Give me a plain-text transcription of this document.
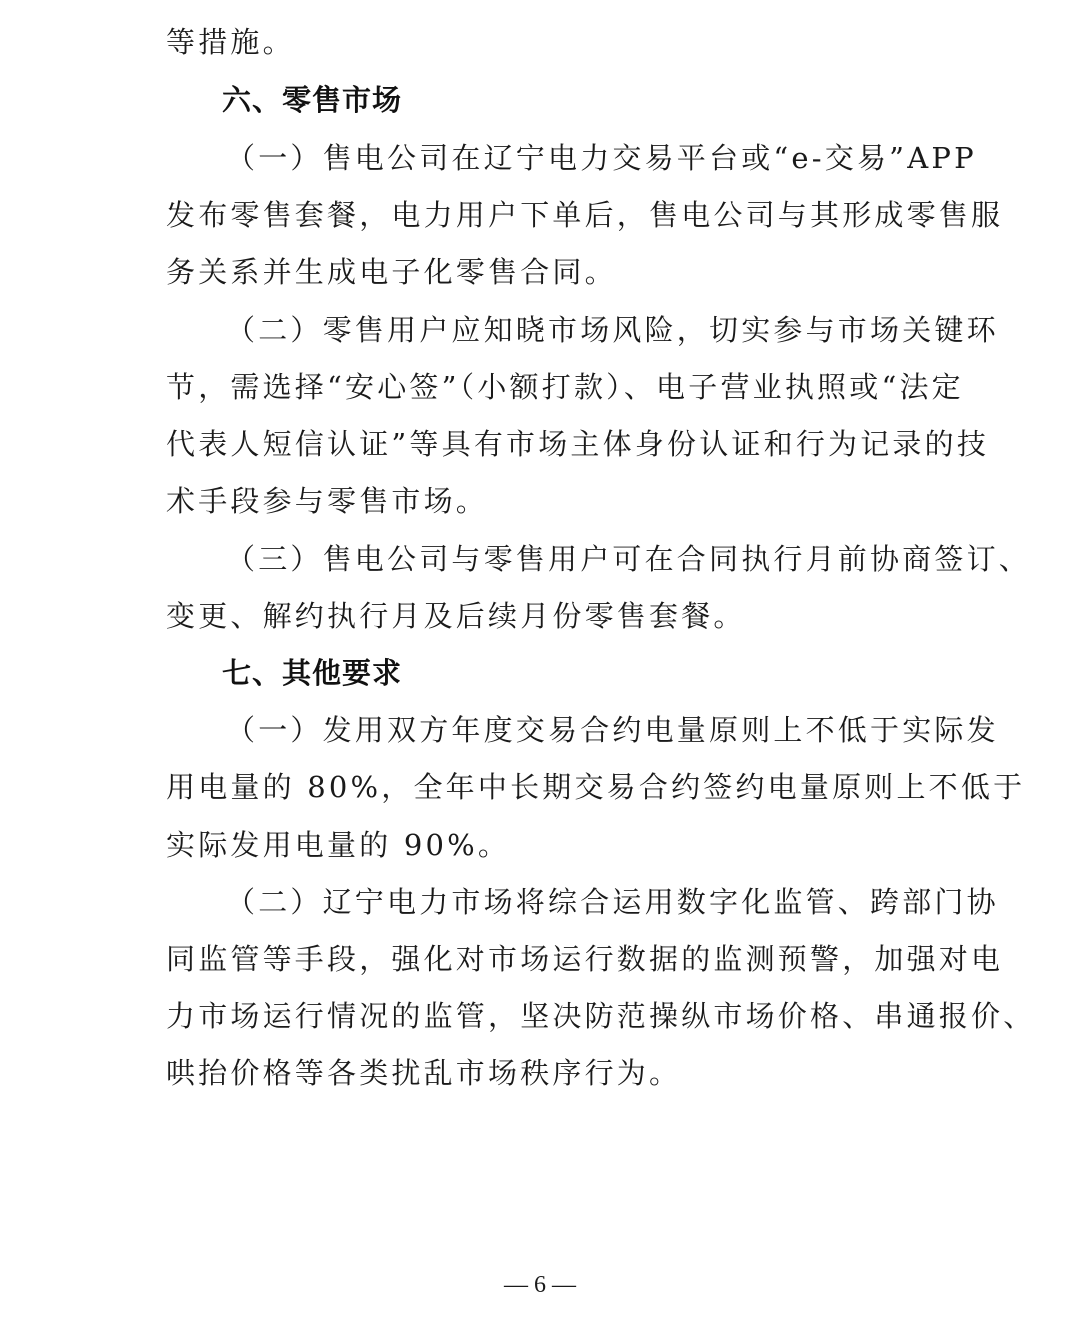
等措施。
六、零售市场
（一）售电公司在辽宁电力交易平台或“e-交易”APP
发布零售套餐，电力用户下单后，售电公司与其形成零售服
务关系并生成电子化零售合同。
（二）零售用户应知晓市场风险，切实参与市场关键环
节，需选择“安心签”（小额打款）、电子营业执照或“法定
代表人短信认证”等具有市场主体身份认证和行为记录的技
术手段参与零售市场。
（三）售电公司与零售用户可在合同执行月前协商签订、
变更、解约执行月及后续月份零售套餐。
七、其他要求
（一）发用双方年度交易合约电量原则上不低于实际发
用电量的 80%，全年中长期交易合约签约电量原则上不低于
实际发用电量的 90%。
（二）辽宁电力市场将综合运用数字化监管、跨部门协
同监管等手段，强化对市场运行数据的监测预警，加强对电
力市场运行情况的监管，坚决防范操纵市场价格、串通报价、
哄抬价格等各类扰乱市场秩序行为。
— 6 —
